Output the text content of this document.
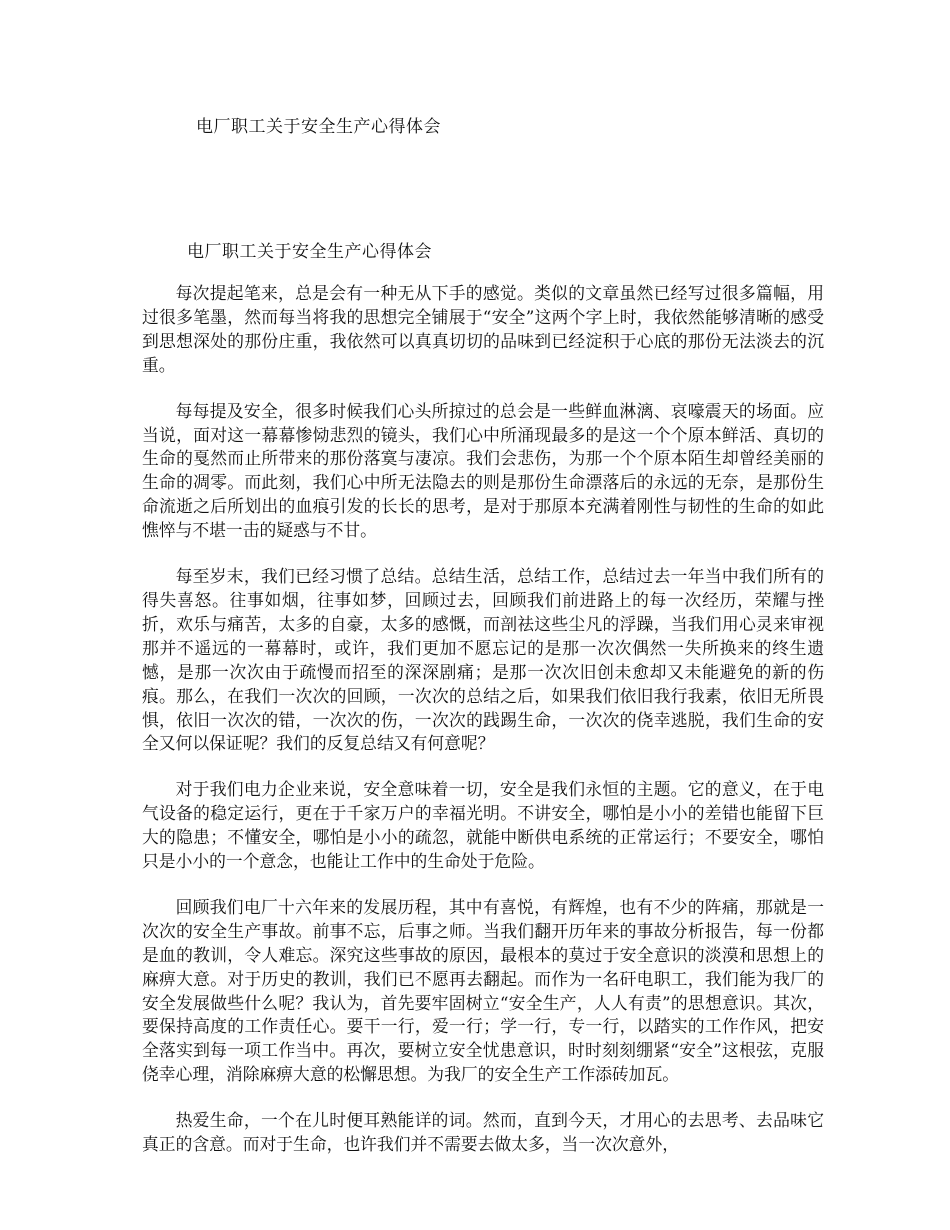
电厂职工关于安全生产心得体会
电厂职工关于安全生产心得体会

每次提起笔来，总是会有一种无从下手的感觉。类似的文章虽然已经写过很多篇幅，用过很多笔墨，然而每当将我的思想完全铺展于“安全”这两个字上时，我依然能够清晰的感受到思想深处的那份庄重，我依然可以真真切切的品味到已经淀积于心底的那份无法淡去的沉重。

每每提及安全，很多时候我们心头所掠过的总会是一些鲜血淋漓、哀嚎震天的场面。应当说，面对这一幕幕惨恸悲烈的镜头，我们心中所涌现最多的是这一个个原本鲜活、真切的生命的戛然而止所带来的那份落寞与凄凉。我们会悲伤，为那一个个原本陌生却曾经美丽的生命的凋零。而此刻，我们心中所无法隐去的则是那份生命漂落后的永远的无奈，是那份生命流逝之后所划出的血痕引发的长长的思考，是对于那原本充满着刚性与韧性的生命的如此憔悴与不堪一击的疑惑与不甘。

每至岁末，我们已经习惯了总结。总结生活，总结工作，总结过去一年当中我们所有的得失喜怒。往事如烟，往事如梦，回顾过去，回顾我们前进路上的每一次经历，荣耀与挫折，欢乐与痛苦，太多的自豪，太多的感慨，而剖祛这些尘凡的浮躁，当我们用心灵来审视那并不遥远的一幕幕时，或许，我们更加不愿忘记的是那一次次偶然一失所换来的终生遗憾，是那一次次由于疏慢而招至的深深剧痛；是那一次次旧创未愈却又未能避免的新的伤痕。那么，在我们一次次的回顾，一次次的总结之后，如果我们依旧我行我素，依旧无所畏惧，依旧一次次的错，一次次的伤，一次次的践踢生命，一次次的侥幸逃脱，我们生命的安全又何以保证呢？我们的反复总结又有何意呢？

对于我们电力企业来说，安全意味着一切，安全是我们永恒的主题。它的意义，在于电气设备的稳定运行，更在于千家万户的幸福光明。不讲安全，哪怕是小小的差错也能留下巨大的隐患；不懂安全，哪怕是小小的疏忽，就能中断供电系统的正常运行；不要安全，哪怕只是小小的一个意念，也能让工作中的生命处于危险。

回顾我们电厂十六年来的发展历程，其中有喜悦，有辉煌，也有不少的阵痛，那就是一次次的安全生产事故。前事不忘，后事之师。当我们翻开历年来的事故分析报告，每一份都是血的教训，令人难忘。深究这些事故的原因，最根本的莫过于安全意识的淡漠和思想上的麻痹大意。对于历史的教训，我们已不愿再去翻起。而作为一名矸电职工，我们能为我厂的安全发展做些什么呢？我认为，首先要牢固树立“安全生产，人人有责”的思想意识。其次，要保持高度的工作责任心。要干一行，爱一行；学一行，专一行，以踏实的工作作风，把安全落实到每一项工作当中。再次，要树立安全忧患意识，时时刻刻绷紧“安全”这根弦，克服侥幸心理，消除麻痹大意的松懈思想。为我厂的安全生产工作添砖加瓦。

热爱生命，一个在儿时便耳熟能详的词。然而，直到今天，才用心的去思考、去品味它真正的含意。而对于生命，也许我们并不需要去做太多，当一次次意外，
